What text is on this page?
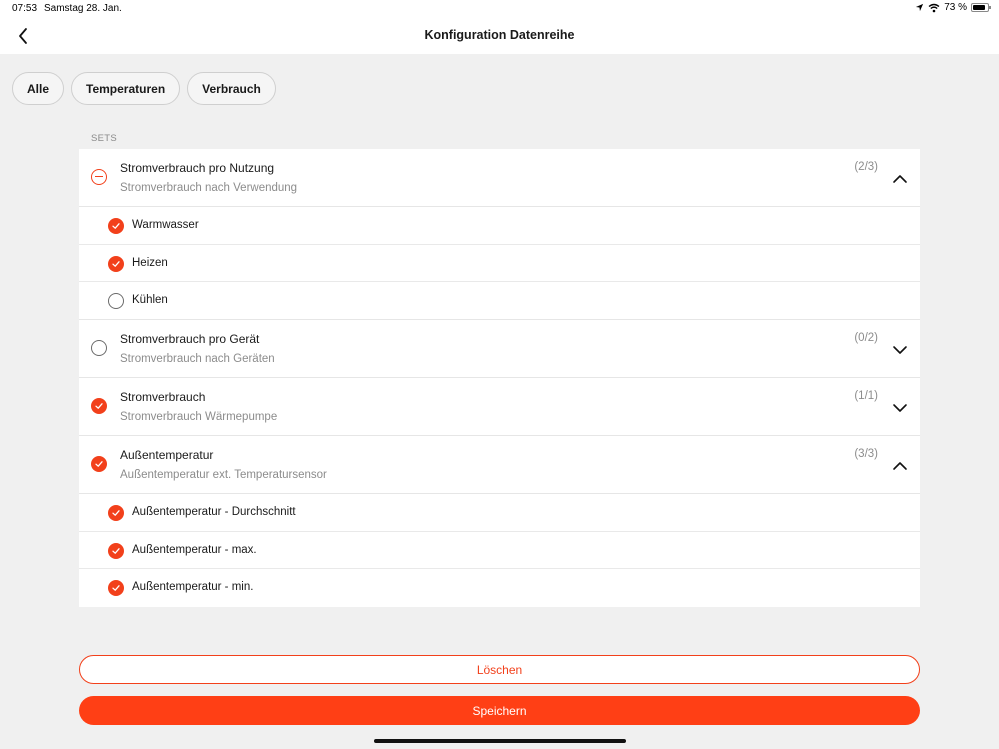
07:53 Samstag 28. Jan.	73 %
Konfiguration Datenreihe
Alle	Temperaturen	Verbrauch
SETS
Stromverbrauch pro Nutzung
Stromverbrauch nach Verwendung
(2/3)
Warmwasser
Heizen
Kühlen
Stromverbrauch pro Gerät
Stromverbrauch nach Geräten
(0/2)
Stromverbrauch
Stromverbrauch Wärmepumpe
(1/1)
Außentemperatur
Außentemperatur ext. Temperatursensor
(3/3)
Außentemperatur - Durchschnitt
Außentemperatur - max.
Außentemperatur - min.
Löschen
Speichern
